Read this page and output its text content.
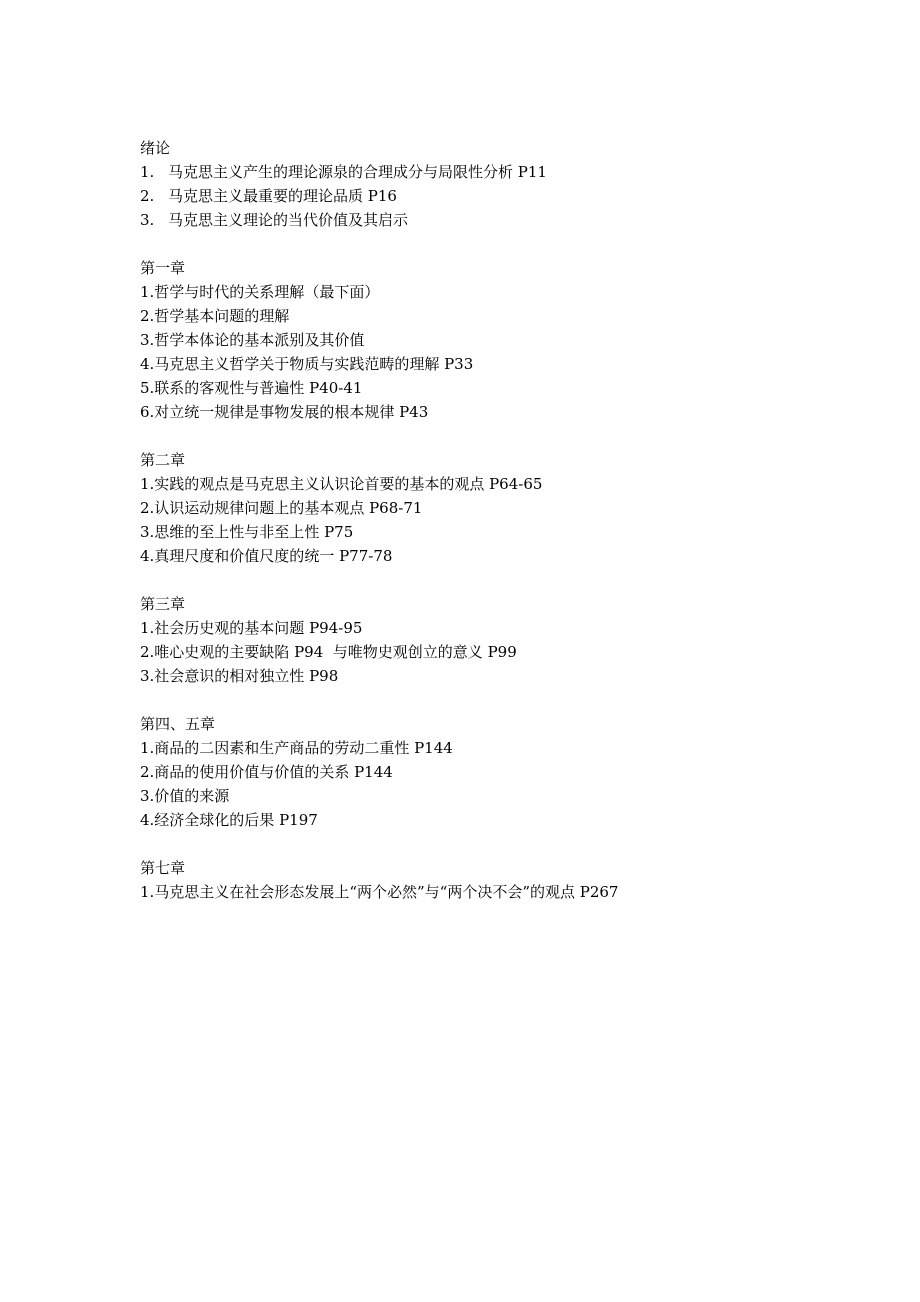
绪论
1. 马克思主义产生的理论源泉的合理成分与局限性分析 P11
2. 马克思主义最重要的理论品质 P16
3. 马克思主义理论的当代价值及其启示
第一章
1.哲学与时代的关系理解（最下面）
2.哲学基本问题的理解
3.哲学本体论的基本派别及其价值
4.马克思主义哲学关于物质与实践范畴的理解 P33
5.联系的客观性与普遍性 P40-41
6.对立统一规律是事物发展的根本规律 P43
第二章
1.实践的观点是马克思主义认识论首要的基本的观点 P64-65
2.认识运动规律问题上的基本观点 P68-71
3.思维的至上性与非至上性 P75
4.真理尺度和价值尺度的统一 P77-78
第三章
1.社会历史观的基本问题 P94-95
2.唯心史观的主要缺陷 P94  与唯物史观创立的意义 P99
3.社会意识的相对独立性 P98
第四、五章
1.商品的二因素和生产商品的劳动二重性 P144
2.商品的使用价值与价值的关系 P144
3.价值的来源
4.经济全球化的后果 P197
第七章
1.马克思主义在社会形态发展上“两个必然”与“两个决不会”的观点 P267
